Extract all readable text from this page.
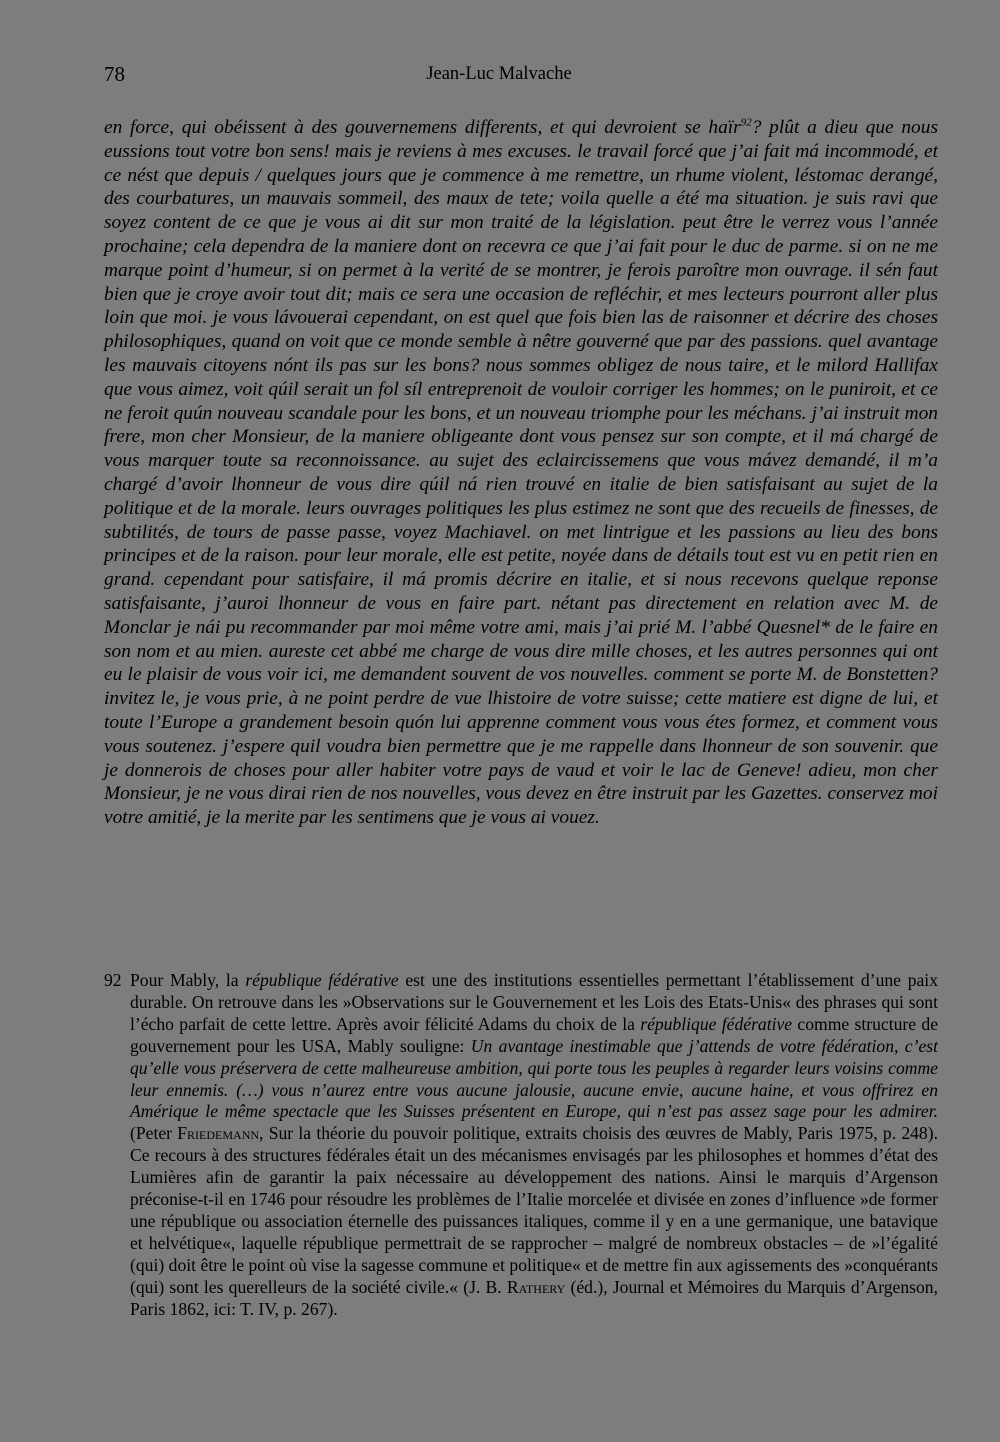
78	Jean-Luc Malvache

en force, qui obéissent à des gouvernemens differents, et qui devroient se haïr$^{92}$? plût a dieu que nous eussions tout votre bon sens! mais je reviens à mes excuses. le travail forcé que j’ai fait má incommodé, et ce nést que depuis / quelques jours que je commence à me remettre, un rhume violent, léstomac derangé, des courbatures, un mauvais sommeil, des maux de tete; voila quelle a été ma situation. je suis ravi que soyez content de ce que je vous ai dit sur mon traité de la législation. peut être le verrez vous l’année prochaine; cela dependra de la maniere dont on recevra ce que j’ai fait pour le duc de parme. si on ne me marque point d’humeur, si on permet à la verité de se montrer, je ferois paroître mon ouvrage. il sén faut bien que je croye avoir tout dit; mais ce sera une occasion de refléchir, et mes lecteurs pourront aller plus loin que moi. je vous lávouerai cependant, on est quel que fois bien las de raisonner et décrire des choses philosophiques, quand on voit que ce monde semble à nêtre gouverné que par des passions. quel avantage les mauvais citoyens nónt ils pas sur les bons? nous sommes obligez de nous taire, et le milord Hallifax que vous aimez, voit qúil serait un fol síl entreprenoit de vouloir corriger les hommes; on le puniroit, et ce ne feroit quún nouveau scandale pour les bons, et un nouveau triomphe pour les méchans. j’ai instruit mon frere, mon cher Monsieur, de la maniere obligeante dont vous pensez sur son compte, et il má chargé de vous marquer toute sa reconnoissance. au sujet des eclaircissemens que vous mávez demandé, il m’a chargé d’avoir lhonneur de vous dire qúil ná rien trouvé en italie de bien satisfaisant au sujet de la politique et de la morale. leurs ouvrages politiques les plus estimez ne sont que des recueils de finesses, de subtilités, de tours de passe passe, voyez Machiavel. on met lintrigue et les passions au lieu des bons principes et de la raison. pour leur morale, elle est petite, noyée dans de détails tout est vu en petit rien en grand. cependant pour satisfaire, il má promis décrire en italie, et si nous recevons quelque reponse satisfaisante, j’auroi lhonneur de vous en faire part. nétant pas directement en relation avec M. de Monclar je nái pu recommander par moi même votre ami, mais j’ai prié M. l’abbé Quesnel* de le faire en son nom et au mien. aureste cet abbé me charge de vous dire mille choses, et les autres personnes qui ont eu le plaisir de vous voir ici, me demandent souvent de vos nouvelles. comment se porte M. de Bonstetten? invitez le, je vous prie, à ne point perdre de vue lhistoire de votre suisse; cette matiere est digne de lui, et toute l’Europe a grandement besoin quón lui apprenne comment vous vous étes formez, et comment vous vous soutenez. j’espere quil voudra bien permettre que je me rappelle dans lhonneur de son souvenir. que je donnerois de choses pour aller habiter votre pays de vaud et voir le lac de Geneve! adieu, mon cher Monsieur, je ne vous dirai rien de nos nouvelles, vous devez en être instruit par les Gazettes. conservez moi votre amitié, je la merite par les sentimens que je vous ai vouez.

92 Pour Mably, la république fédérative est une des institutions essentielles permettant l’établissement d’une paix durable. On retrouve dans les »Observations sur le Gouvernement et les Lois des Etats-Unis« des phrases qui sont l’écho parfait de cette lettre. Après avoir félicité Adams du choix de la république fédérative comme structure de gouvernement pour les USA, Mably souligne: Un avantage inestimable que j’attends de votre fédération, c’est qu’elle vous préservera de cette malheureuse ambition, qui porte tous les peuples à regarder leurs voisins comme leur ennemis. (…) vous n’aurez entre vous aucune jalousie, aucune envie, aucune haine, et vous offrirez en Amérique le même spectacle que les Suisses présentent en Europe, qui n’est pas assez sage pour les admirer. (Peter Friedemann, Sur la théorie du pouvoir politique, extraits choisis des œuvres de Mably, Paris 1975, p. 248). Ce recours à des structures fédérales était un des mécanismes envisagés par les philosophes et hommes d’état des Lumières afin de garantir la paix nécessaire au développement des nations. Ainsi le marquis d’Argenson préconise-t-il en 1746 pour résoudre les problèmes de l’Italie morcelée et divisée en zones d’influence »de former une république ou association éternelle des puissances italiques, comme il y en a une germanique, une batavique et helvétique«, laquelle république permettrait de se rapprocher – malgré de nombreux obstacles – de »l’égalité (qui) doit être le point où vise la sagesse commune et politique« et de mettre fin aux agissements des »conquérants (qui) sont les querelleurs de la société civile.« (J. B. Rathery (éd.), Journal et Mémoires du Marquis d’Argenson, Paris 1862, ici: T. IV, p. 267).
